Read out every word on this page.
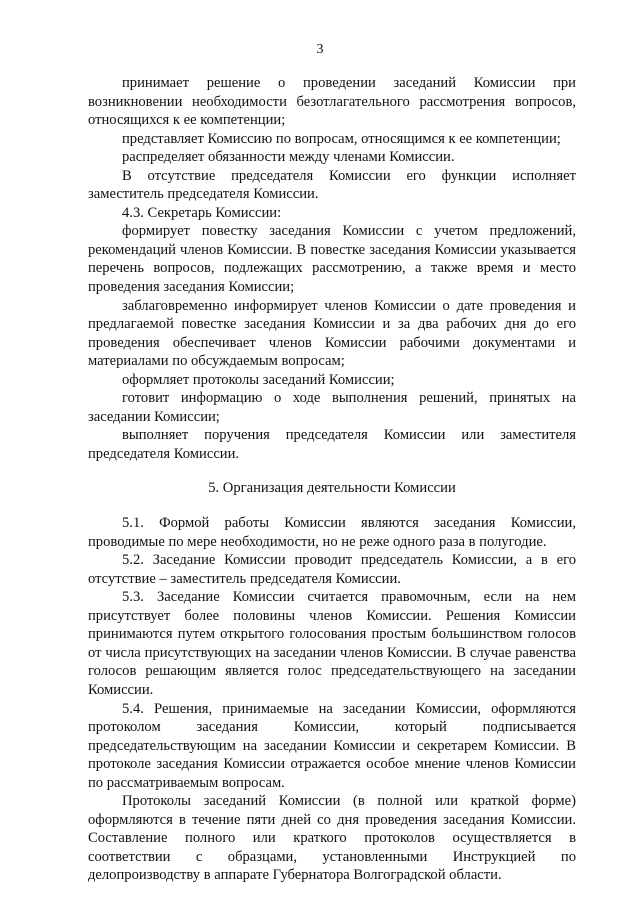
3

принимает решение о проведении заседаний Комиссии при возникновении необходимости безотлагательного рассмотрения вопросов, относящихся к ее компетенции;

представляет Комиссию по вопросам, относящимся к ее компетенции;

распределяет обязанности между членами Комиссии.

В отсутствие председателя Комиссии его функции исполняет заместитель председателя Комиссии.

4.3. Секретарь Комиссии:

формирует повестку заседания Комиссии с учетом предложений, рекомендаций членов Комиссии. В повестке заседания Комиссии указывается перечень вопросов, подлежащих рассмотрению, а также время и место проведения заседания Комиссии;

заблаговременно информирует членов Комиссии о дате проведения и предлагаемой повестке заседания Комиссии и за два рабочих дня до его проведения обеспечивает членов Комиссии рабочими документами и материалами по обсуждаемым вопросам;

оформляет протоколы заседаний Комиссии;

готовит информацию о ходе выполнения решений, принятых на заседании Комиссии;

выполняет поручения председателя Комиссии или заместителя председателя Комиссии.

5. Организация деятельности Комиссии

5.1. Формой работы Комиссии являются заседания Комиссии, проводимые по мере необходимости, но не реже одного раза в полугодие.

5.2. Заседание Комиссии проводит председатель Комиссии, а в его отсутствие – заместитель председателя Комиссии.

5.3. Заседание Комиссии считается правомочным, если на нем присутствует более половины членов Комиссии. Решения Комиссии принимаются путем открытого голосования простым большинством голосов от числа присутствующих на заседании членов Комиссии. В случае равенства голосов решающим является голос председательствующего на заседании Комиссии.

5.4. Решения, принимаемые на заседании Комиссии, оформляются протоколом заседания Комиссии, который подписывается председательствующим на заседании Комиссии и секретарем Комиссии. В протоколе заседания Комиссии отражается особое мнение членов Комиссии по рассматриваемым вопросам.

Протоколы заседаний Комиссии (в полной или краткой форме) оформляются в течение пяти дней со дня проведения заседания Комиссии. Составление полного или краткого протоколов осуществляется в соответствии с образцами, установленными Инструкцией по делопроизводству в аппарате Губернатора Волгоградской области.
